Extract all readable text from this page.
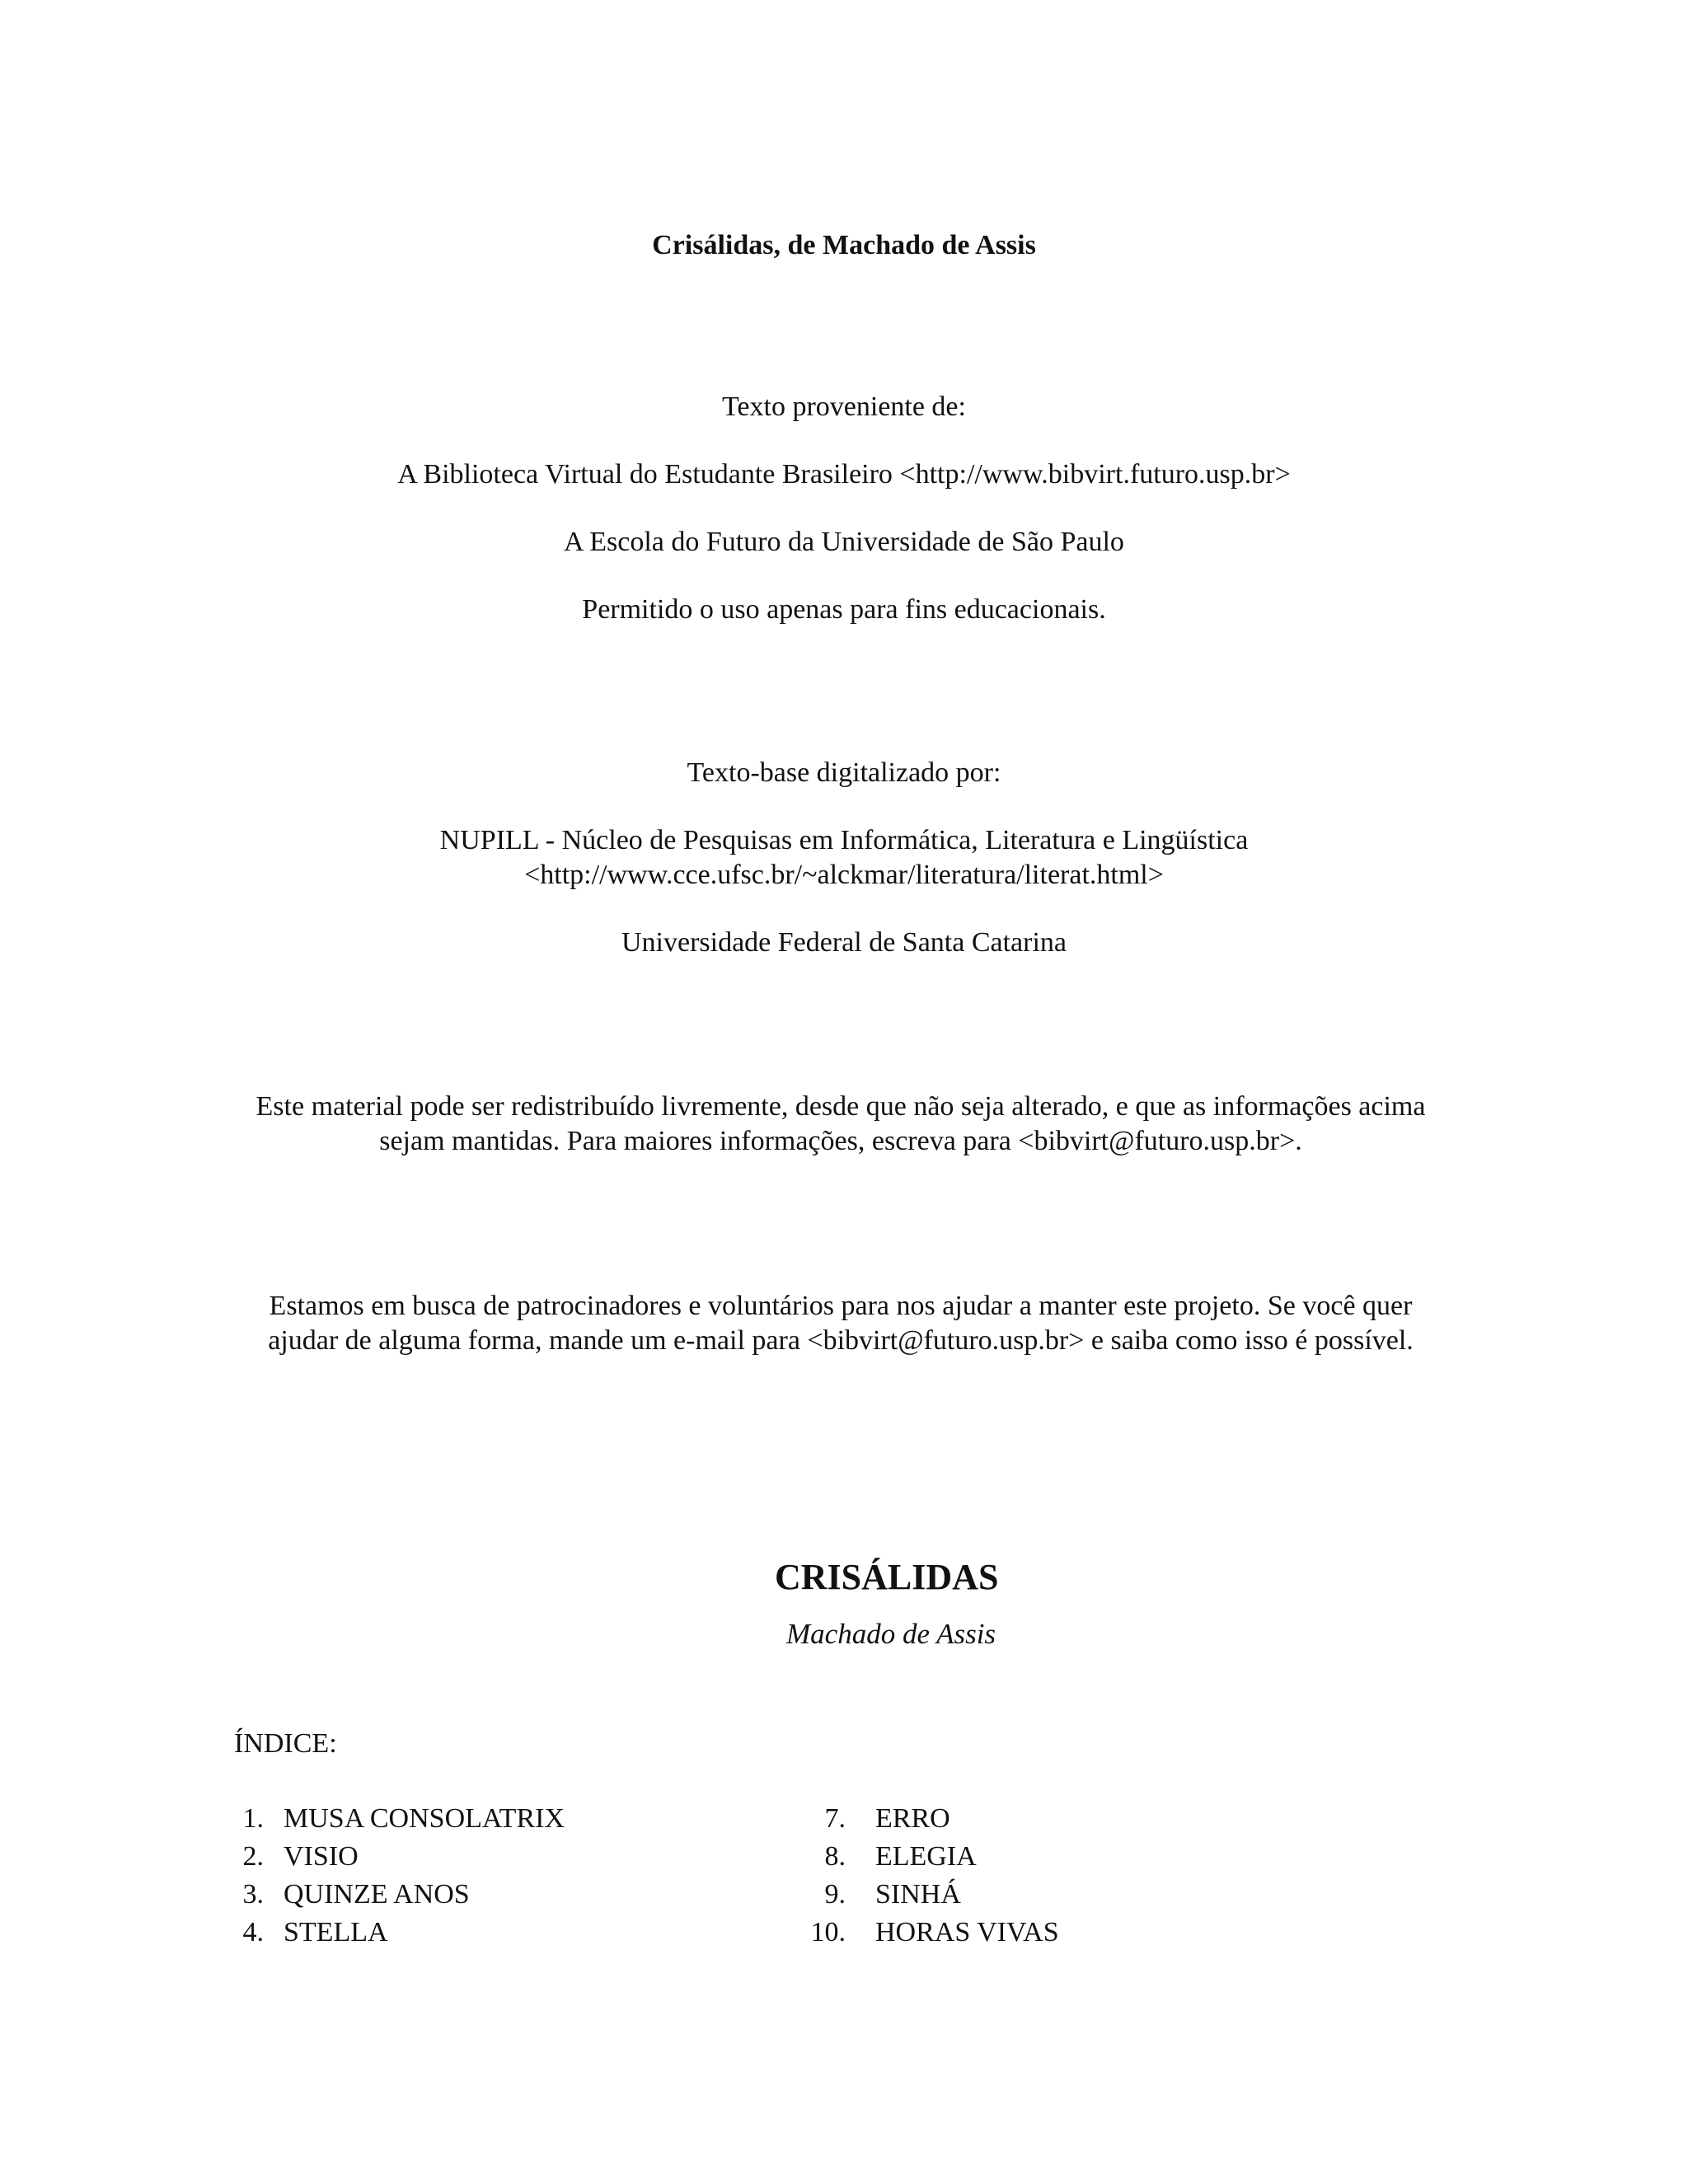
Crisálidas, de Machado de Assis
Texto proveniente de:
A Biblioteca Virtual do Estudante Brasileiro <http://www.bibvirt.futuro.usp.br>
A Escola do Futuro da Universidade de São Paulo
Permitido o uso apenas para fins educacionais.
Texto-base digitalizado por:
NUPILL - Núcleo de Pesquisas em Informática, Literatura e Lingüística
<http://www.cce.ufsc.br/~alckmar/literatura/literat.html>
Universidade Federal de Santa Catarina
Este material pode ser redistribuído livremente, desde que não seja alterado, e que as informações acima sejam mantidas. Para maiores informações, escreva para <bibvirt@futuro.usp.br>.
Estamos em busca de patrocinadores e voluntários para nos ajudar a manter este projeto. Se você quer ajudar de alguma forma, mande um e-mail para <bibvirt@futuro.usp.br> e saiba como isso é possível.
CRISÁLIDAS
Machado de Assis
ÍNDICE:
1. MUSA CONSOLATRIX
2. VISIO
3. QUINZE ANOS
4. STELLA
7. ERRO
8. ELEGIA
9. SINHÁ
10. HORAS VIVAS
